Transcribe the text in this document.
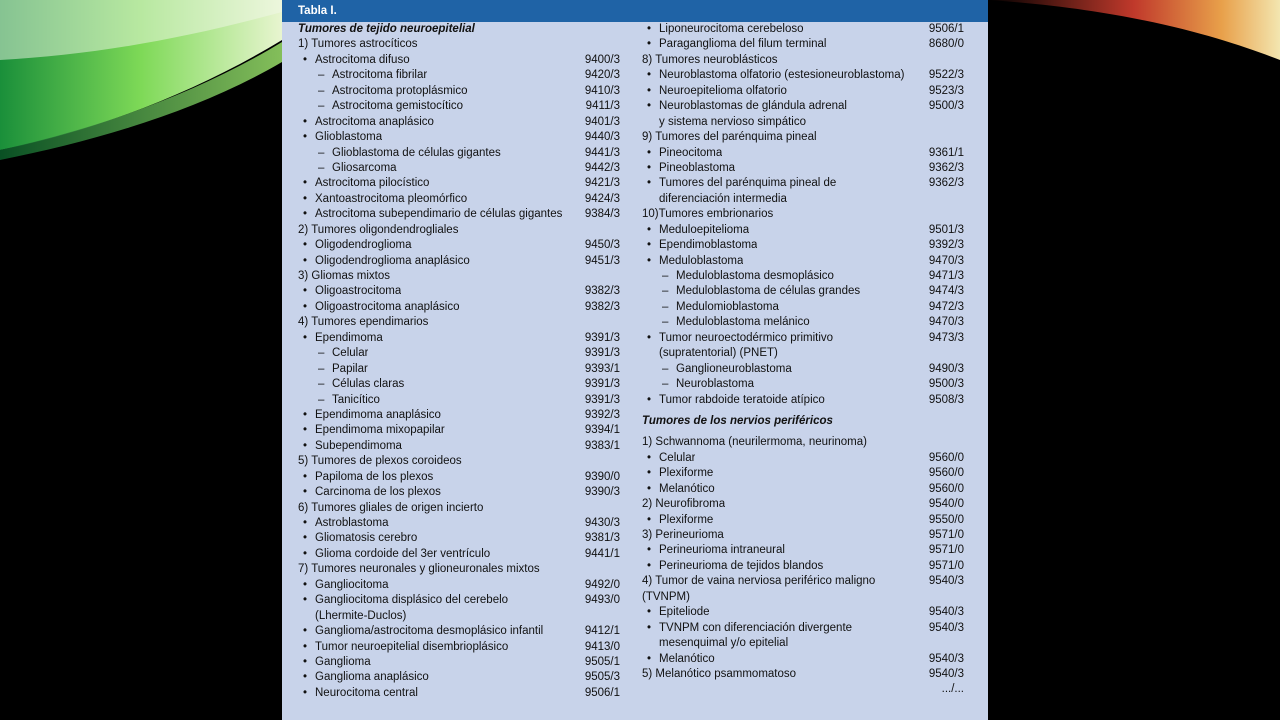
Tabla I.
Tumores de tejido neuroepitelial
1) Tumores astrocíticos
• Astrocitoma difuso	9400/3
– Astrocitoma fibrilar	9420/3
– Astrocitoma protoplásmico	9410/3
– Astrocitoma gemistocítico	9411/3
• Astrocitoma anaplásico	9401/3
• Glioblastoma	9440/3
– Glioblastoma de células gigantes	9441/3
– Gliosarcoma	9442/3
• Astrocitoma pilocístico	9421/3
• Xantoastrocitoma pleomórfico	9424/3
• Astrocitoma subependimario de células gigantes 9384/3
2) Tumores oligondendrogliales
• Oligodendroglioma	9450/3
• Oligodendroglioma anaplásico	9451/3
3) Gliomas mixtos
• Oligoastrocitoma	9382/3
• Oligoastrocitoma anaplásico	9382/3
4) Tumores ependimarios
• Ependimoma	9391/3
– Celular	9391/3
– Papilar	9393/1
– Células claras	9391/3
– Tanicítico	9391/3
• Ependimoma anaplásico	9392/3
• Ependimoma mixopapilar	9394/1
• Subependimoma	9383/1
5) Tumores de plexos coroideos
• Papiloma de los plexos	9390/0
• Carcinoma de los plexos	9390/3
6) Tumores gliales de origen incierto
• Astroblastoma	9430/3
• Gliomatosis cerebro	9381/3
• Glioma cordoide del 3er ventrículo	9441/1
7) Tumores neuronales y glioneuronales mixtos
• Gangliocitoma	9492/0
• Gangliocitoma displásico del cerebelo	9493/0
(Lhermite-Duclos)
• Ganglioma/astrocitoma desmoplásico infantil	9412/1
• Tumor neuroepitelial disembrioplásico	9413/0
• Ganglioma	9505/1
• Ganglioma anaplásico	9505/3
• Neurocitoma central	9506/1
• Liponeurocitoma cerebeloso	9506/1
• Paraganglioma del filum terminal	8680/0
8) Tumores neuroblásticos
• Neuroblastoma olfatorio (estesioneuroblastoma) 9522/3
• Neuroepitelioma olfatorio	9523/3
• Neuroblastomas de glándula adrenal	9500/3
y sistema nervioso simpático
9) Tumores del parénquima pineal
• Pineocitoma	9361/1
• Pineoblastoma	9362/3
• Tumores del parénquima pineal de	9362/3
diferenciación intermedia
10)Tumores embrionarios
• Meduloepitelioma	9501/3
• Ependimoblastoma	9392/3
• Meduloblastoma	9470/3
– Meduloblastoma desmoplásico	9471/3
– Meduloblastoma de células grandes	9474/3
– Medulomioblastoma	9472/3
– Meduloblastoma melánico	9470/3
• Tumor neuroectodérmico primitivo	9473/3
(supratentorial) (PNET)
– Ganglioneuroblastoma	9490/3
– Neuroblastoma	9500/3
• Tumor rabdoide teratoide atípico	9508/3
Tumores de los nervios periféricos
1) Schwannoma (neurilermoma, neurinoma)
• Celular	9560/0
• Plexiforme	9560/0
• Melanótico	9560/0
2) Neurofibroma	9540/0
• Plexiforme	9550/0
3) Perineurioma	9571/0
• Perineurioma intraneural	9571/0
• Perineurioma de tejidos blandos	9571/0
4) Tumor de vaina nerviosa periférico maligno	9540/3
(TVNPM)
• Epiteliode	9540/3
• TVNPM con diferenciación divergente	9540/3
mesenquimal y/o epitelial
• Melanótico	9540/3
5) Melanótico psammomatoso	9540/3
.../...
